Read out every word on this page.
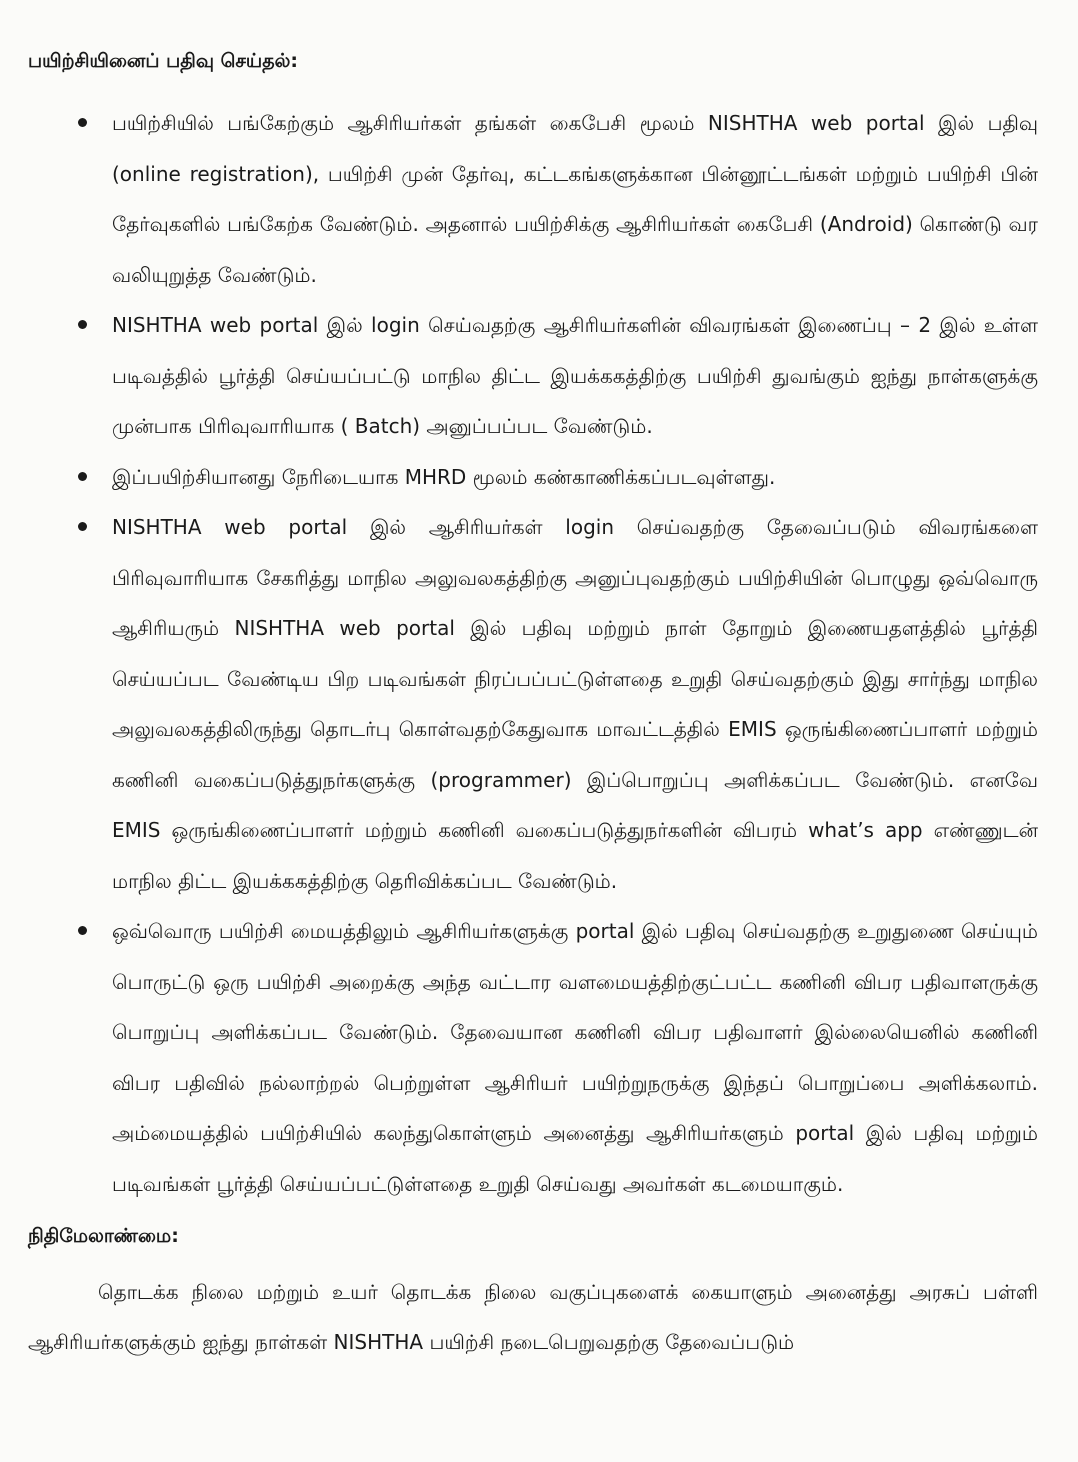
பயிற்சியினைப் பதிவு செய்தல்:
பயிற்சியில் பங்கேற்கும் ஆசிரியர்கள் தங்கள் கைபேசி மூலம் NISHTHA web portal இல் பதிவு (online registration), பயிற்சி முன் தேர்வு, கட்டகங்களுக்கான பின்னூட்டங்கள் மற்றும் பயிற்சி பின் தேர்வுகளில் பங்கேற்க வேண்டும். அதனால் பயிற்சிக்கு ஆசிரியர்கள் கைபேசி (Android) கொண்டு வர வலியுறுத்த வேண்டும்.
NISHTHA web portal இல் login செய்வதற்கு ஆசிரியர்களின் விவரங்கள் இணைப்பு – 2 இல் உள்ள படிவத்தில் பூர்த்தி செய்யப்பட்டு மாநில திட்ட இயக்ககத்திற்கு பயிற்சி துவங்கும் ஐந்து நாள்களுக்கு முன்பாக பிரிவுவாரியாக ( Batch) அனுப்பப்பட வேண்டும்.
இப்பயிற்சியானது நேரிடையாக MHRD மூலம் கண்காணிக்கப்படவுள்ளது.
NISHTHA web portal இல் ஆசிரியர்கள் login செய்வதற்கு தேவைப்படும் விவரங்களை பிரிவுவாரியாக சேகரித்து மாநில அலுவலகத்திற்கு அனுப்புவதற்கும் பயிற்சியின் பொழுது ஒவ்வொரு ஆசிரியரும் NISHTHA web portal இல் பதிவு மற்றும் நாள் தோறும் இணையதளத்தில் பூர்த்தி செய்யப்பட வேண்டிய பிற படிவங்கள் நிரப்பப்பட்டுள்ளதை உறுதி செய்வதற்கும் இது சார்ந்து மாநில அலுவலகத்திலிருந்து தொடர்பு கொள்வதற்கேதுவாக மாவட்டத்தில் EMIS ஒருங்கிணைப்பாளர் மற்றும் கணினி வகைப்படுத்துநர்களுக்கு (programmer) இப்பொறுப்பு அளிக்கப்பட வேண்டும். எனவே EMIS ஒருங்கிணைப்பாளர் மற்றும் கணினி வகைப்படுத்துநர்களின் விபரம் what’s app எண்ணுடன் மாநில திட்ட இயக்ககத்திற்கு தெரிவிக்கப்பட வேண்டும்.
ஒவ்வொரு பயிற்சி மையத்திலும் ஆசிரியர்களுக்கு portal இல் பதிவு செய்வதற்கு உறுதுணை செய்யும் பொருட்டு ஒரு பயிற்சி அறைக்கு அந்த வட்டார வளமையத்திற்குட்பட்ட கணினி விபர பதிவாளருக்கு பொறுப்பு அளிக்கப்பட வேண்டும். தேவையான கணினி விபர பதிவாளர் இல்லையெனில் கணினி விபர பதிவில் நல்லாற்றல் பெற்றுள்ள ஆசிரியர் பயிற்றுநருக்கு இந்தப் பொறுப்பை அளிக்கலாம். அம்மையத்தில் பயிற்சியில் கலந்துகொள்ளும் அனைத்து ஆசிரியர்களும் portal இல் பதிவு மற்றும் படிவங்கள் பூர்த்தி செய்யப்பட்டுள்ளதை உறுதி செய்வது அவர்கள் கடமையாகும்.
நிதிமேலாண்மை:

தொடக்க நிலை மற்றும் உயர் தொடக்க நிலை வகுப்புகளைக் கையாளும் அனைத்து அரசுப் பள்ளி ஆசிரியர்களுக்கும் ஐந்து நாள்கள் NISHTHA பயிற்சி நடைபெறுவதற்கு தேவைப்படும்
